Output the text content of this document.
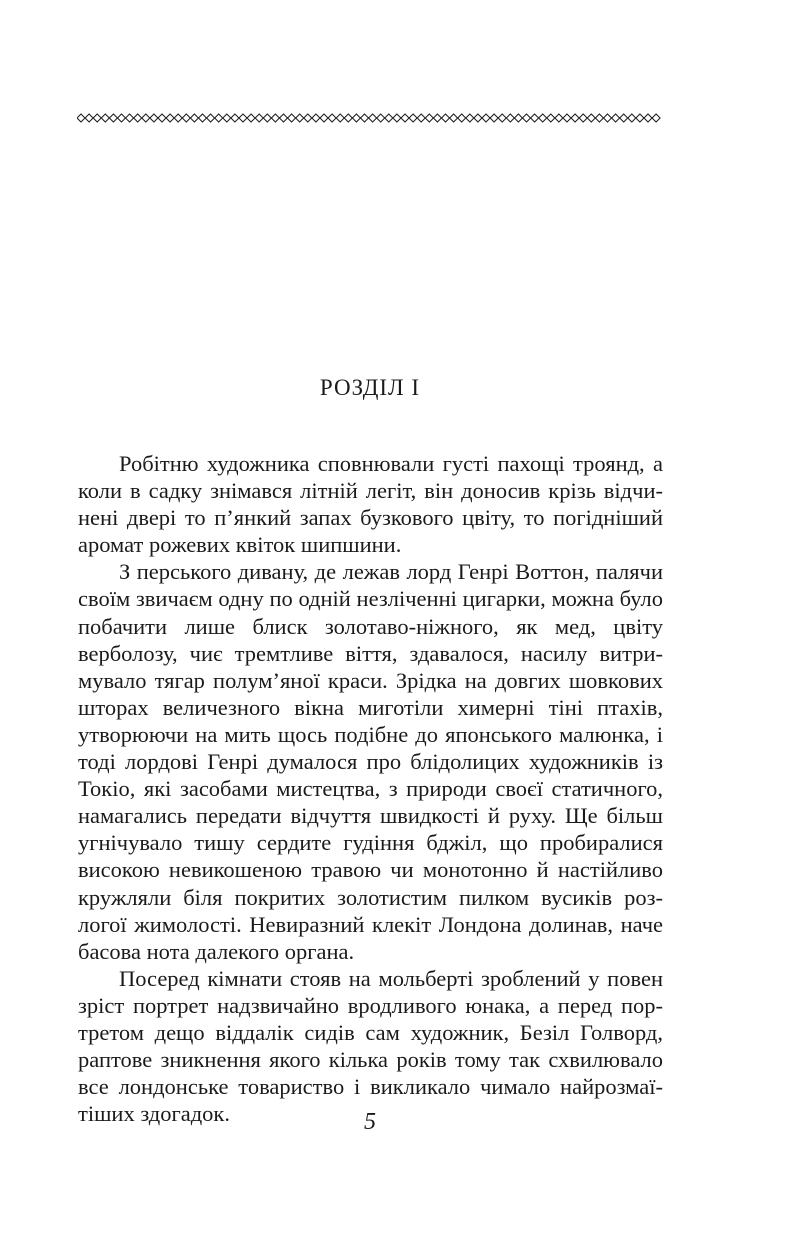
РОЗДІЛ І

Робітню художника сповнювали густі пахощі троянд, а коли в садку знімався літній легіт, він доносив крізь відчинені двері то п’янкий запах бузкового цвіту, то погідніший аромат рожевих квіток шипшини.

З перського дивану, де лежав лорд Генрі Воттон, палячи своїм звичаєм одну по одній незліченні цигарки, можна було побачити лише блиск золотаво-ніжного, як мед, цвіту верболозу, чиє тремтливе віття, здавалося, насилу витримувало тягар полум’яної краси. Зрідка на довгих шовкових шторах величезного вікна миготіли химерні тіні птахів, утворюючи на мить щось подібне до японського малюнка, і тоді лордові Генрі думалося про блідолицих художників із Токіо, які засобами мистецтва, з природи своєї статичного, намагались передати відчуття швидкості й руху. Ще більш угнічувало тишу сердите гудіння бджіл, що пробиралися високою невикошеною травою чи монотонно й настійливо кружляли біля покритих золотистим пилком вусиків розлогої жимолості. Невиразний клекіт Лондона долинав, наче басова нота далекого органа.

Посеред кімнати стояв на мольберті зроблений у повен зріст портрет надзвичайно вродливого юнака, а перед портретом дещо віддалік сидів сам художник, Безіл Голворд, раптове зникнення якого кілька років тому так схвилювало все лондонське товариство і викликало чимало найрозмаїтіших здогадок.	5
